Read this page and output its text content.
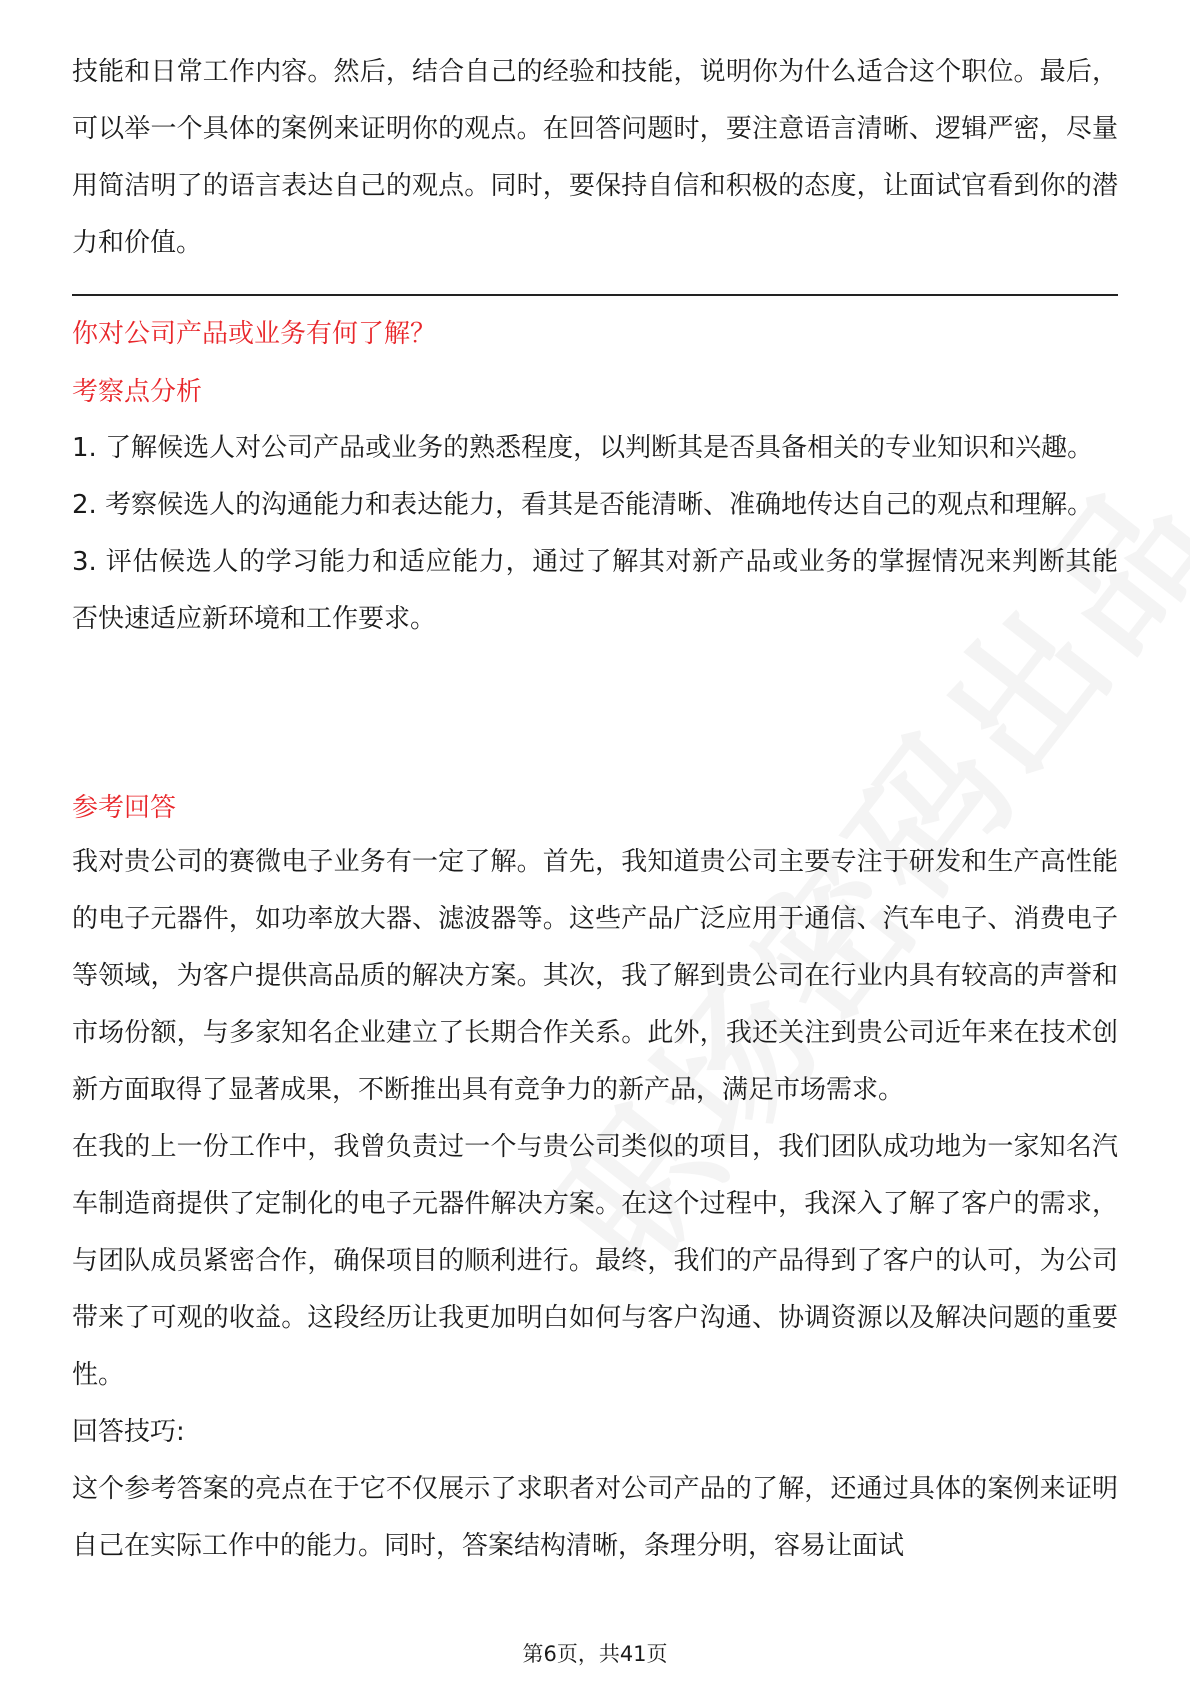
技能和日常工作内容。然后，结合自己的经验和技能，说明你为什么适合这个职位。最后，可以举一个具体的案例来证明你的观点。在回答问题时，要注意语言清晰、逻辑严密，尽量用简洁明了的语言表达自己的观点。同时，要保持自信和积极的态度，让面试官看到你的潜力和价值。

你对公司产品或业务有何了解？

考察点分析

1. 了解候选人对公司产品或业务的熟悉程度，以判断其是否具备相关的专业知识和兴趣。

2. 考察候选人的沟通能力和表达能力，看其是否能清晰、准确地传达自己的观点和理解。

3. 评估候选人的学习能力和适应能力，通过了解其对新产品或业务的掌握情况来判断其能否快速适应新环境和工作要求。

参考回答

我对贵公司的赛微电子业务有一定了解。首先，我知道贵公司主要专注于研发和生产高性能的电子元器件，如功率放大器、滤波器等。这些产品广泛应用于通信、汽车电子、消费电子等领域，为客户提供高品质的解决方案。其次，我了解到贵公司在行业内具有较高的声誉和市场份额，与多家知名企业建立了长期合作关系。此外，我还关注到贵公司近年来在技术创新方面取得了显著成果，不断推出具有竞争力的新产品，满足市场需求。

在我的上一份工作中，我曾负责过一个与贵公司类似的项目，我们团队成功地为一家知名汽车制造商提供了定制化的电子元器件解决方案。在这个过程中，我深入了解了客户的需求，与团队成员紧密合作，确保项目的顺利进行。最终，我们的产品得到了客户的认可，为公司带来了可观的收益。这段经历让我更加明白如何与客户沟通、协调资源以及解决问题的重要性。

回答技巧:

这个参考答案的亮点在于它不仅展示了求职者对公司产品的了解，还通过具体的案例来证明自己在实际工作中的能力。同时，答案结构清晰，条理分明，容易让面试

第6页，共41页
